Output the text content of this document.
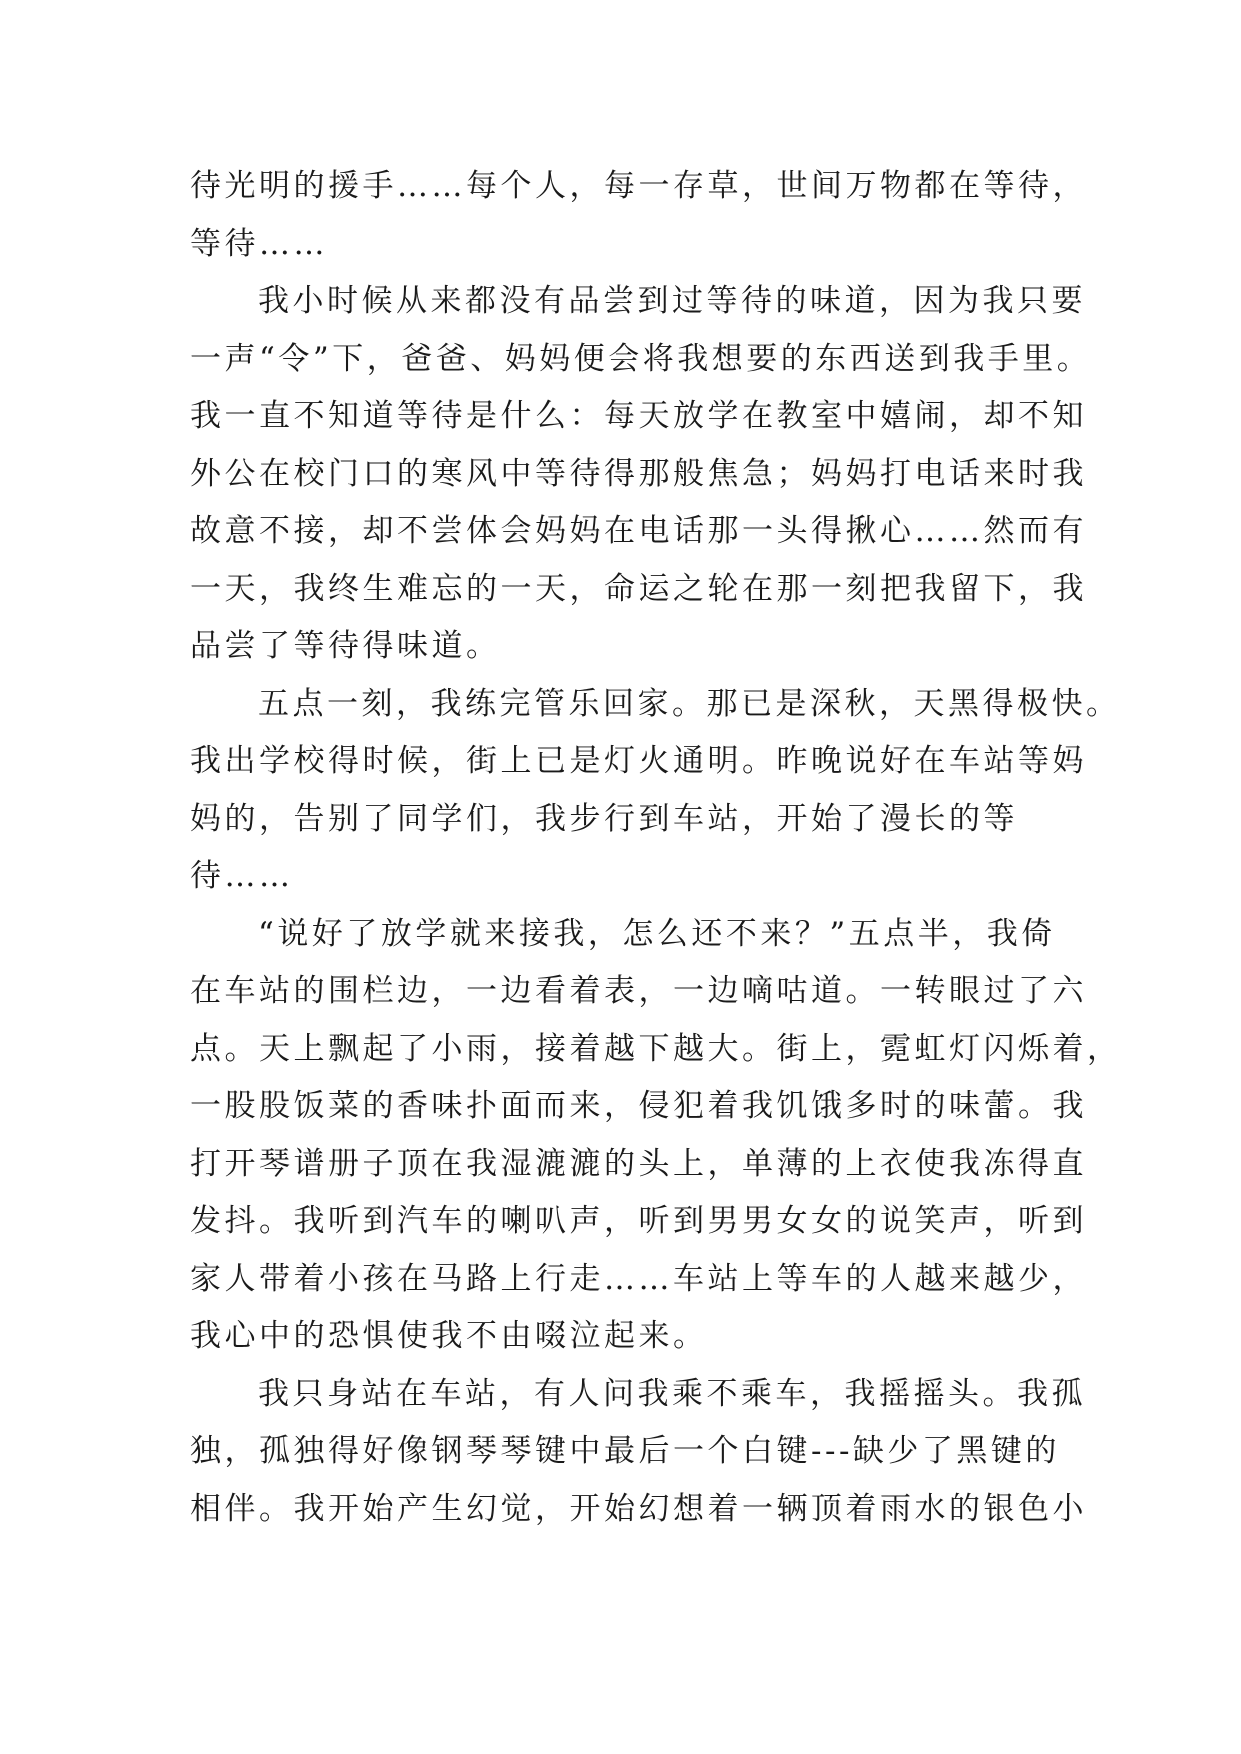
待光明的援手……每个人，每一存草，世间万物都在等待，
等待……
我小时候从来都没有品尝到过等待的味道，因为我只要
一声“令”下，爸爸、妈妈便会将我想要的东西送到我手里。
我一直不知道等待是什么：每天放学在教室中嬉闹，却不知
外公在校门口的寒风中等待得那般焦急；妈妈打电话来时我
故意不接，却不尝体会妈妈在电话那一头得揪心……然而有
一天，我终生难忘的一天，命运之轮在那一刻把我留下，我
品尝了等待得味道。
五点一刻，我练完管乐回家。那已是深秋，天黑得极快。
我出学校得时候，街上已是灯火通明。昨晚说好在车站等妈
妈的，告别了同学们，我步行到车站，开始了漫长的等
待……
“说好了放学就来接我，怎么还不来？”五点半，我倚
在车站的围栏边，一边看着表，一边嘀咕道。一转眼过了六
点。天上飘起了小雨，接着越下越大。街上，霓虹灯闪烁着，
一股股饭菜的香味扑面而来，侵犯着我饥饿多时的味蕾。我
打开琴谱册子顶在我湿漉漉的头上，单薄的上衣使我冻得直
发抖。我听到汽车的喇叭声，听到男男女女的说笑声，听到
家人带着小孩在马路上行走……车站上等车的人越来越少，
我心中的恐惧使我不由啜泣起来。
我只身站在车站，有人问我乘不乘车，我摇摇头。我孤
独，孤独得好像钢琴琴键中最后一个白键---缺少了黑键的
相伴。我开始产生幻觉，开始幻想着一辆顶着雨水的银色小
